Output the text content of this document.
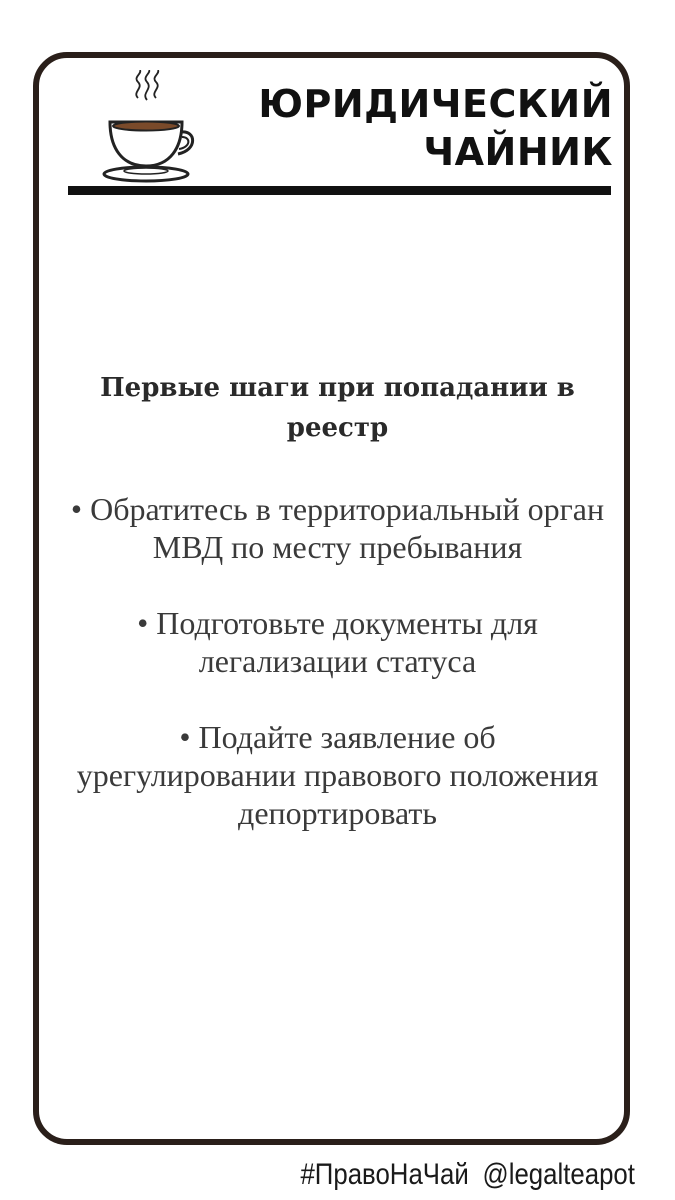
ЮРИДИЧЕСКИЙ
ЧАЙНИК

Первые шаги при попадании в реестр

• Обратитесь в территориальный орган МВД по месту пребывания

• Подготовьте документы для легализации статуса

• Подайте заявление об урегулировании правового положения депортировать

#ПравоНаЧай @legalteapot
